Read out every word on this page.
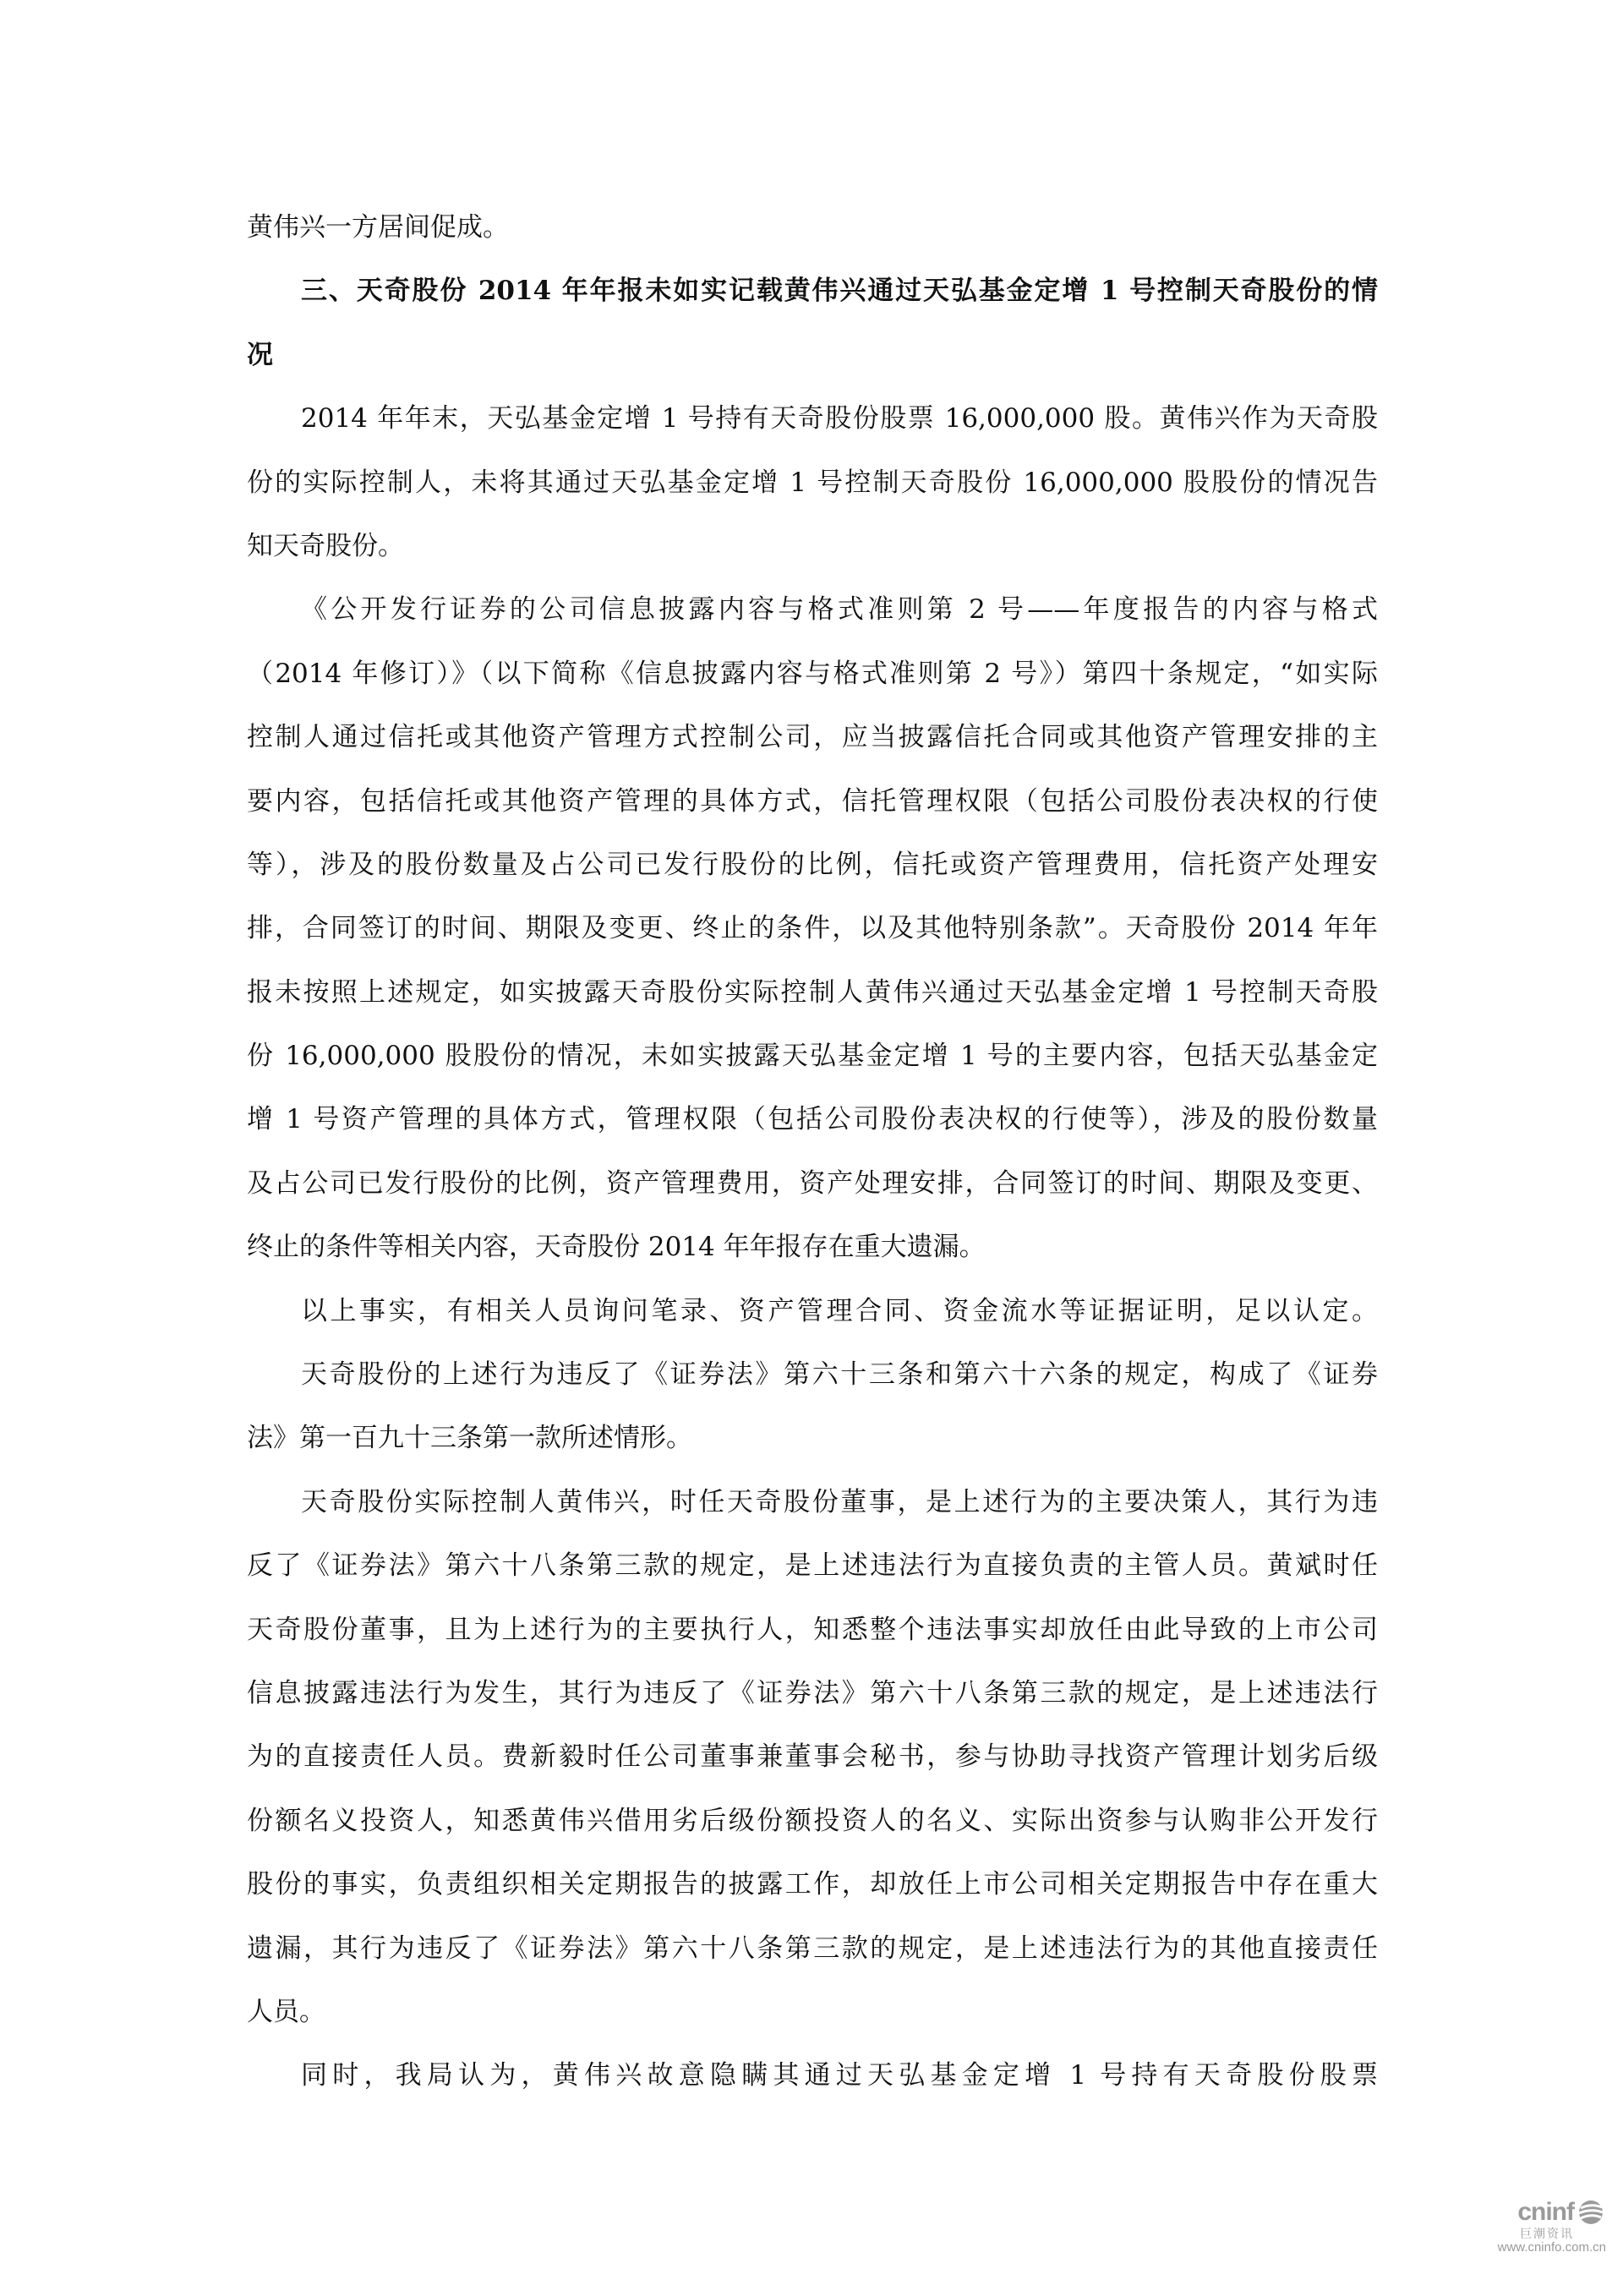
黄伟兴一方居间促成。
三、天奇股份 2014 年年报未如实记载黄伟兴通过天弘基金定增 1 号控制天奇股份的情
况
2014 年年末，天弘基金定增 1 号持有天奇股份股票 16,000,000 股。黄伟兴作为天奇股
份的实际控制人，未将其通过天弘基金定增 1 号控制天奇股份 16,000,000 股股份的情况告
知天奇股份。
《公开发行证券的公司信息披露内容与格式准则第 2 号——年度报告的内容与格式
（2014 年修订）》（以下简称《信息披露内容与格式准则第 2 号》）第四十条规定，“如实际
控制人通过信托或其他资产管理方式控制公司，应当披露信托合同或其他资产管理安排的主
要内容，包括信托或其他资产管理的具体方式，信托管理权限（包括公司股份表决权的行使
等），涉及的股份数量及占公司已发行股份的比例，信托或资产管理费用，信托资产处理安
排，合同签订的时间、期限及变更、终止的条件，以及其他特别条款”。天奇股份 2014 年年
报未按照上述规定，如实披露天奇股份实际控制人黄伟兴通过天弘基金定增 1 号控制天奇股
份 16,000,000 股股份的情况，未如实披露天弘基金定增 1 号的主要内容，包括天弘基金定
增 1 号资产管理的具体方式，管理权限（包括公司股份表决权的行使等），涉及的股份数量
及占公司已发行股份的比例，资产管理费用，资产处理安排，合同签订的时间、期限及变更、
终止的条件等相关内容，天奇股份 2014 年年报存在重大遗漏。
以上事实，有相关人员询问笔录、资产管理合同、资金流水等证据证明，足以认定。
天奇股份的上述行为违反了《证券法》第六十三条和第六十六条的规定，构成了《证券
法》第一百九十三条第一款所述情形。
天奇股份实际控制人黄伟兴，时任天奇股份董事，是上述行为的主要决策人，其行为违
反了《证券法》第六十八条第三款的规定，是上述违法行为直接负责的主管人员。黄斌时任
天奇股份董事，且为上述行为的主要执行人，知悉整个违法事实却放任由此导致的上市公司
信息披露违法行为发生，其行为违反了《证券法》第六十八条第三款的规定，是上述违法行
为的直接责任人员。费新毅时任公司董事兼董事会秘书，参与协助寻找资产管理计划劣后级
份额名义投资人，知悉黄伟兴借用劣后级份额投资人的名义、实际出资参与认购非公开发行
股份的事实，负责组织相关定期报告的披露工作，却放任上市公司相关定期报告中存在重大
遗漏，其行为违反了《证券法》第六十八条第三款的规定，是上述违法行为的其他直接责任
人员。
同时，我局认为，黄伟兴故意隐瞒其通过天弘基金定增 1 号持有天奇股份股票
cninf
巨潮资讯
www.cninfo.com.cn
